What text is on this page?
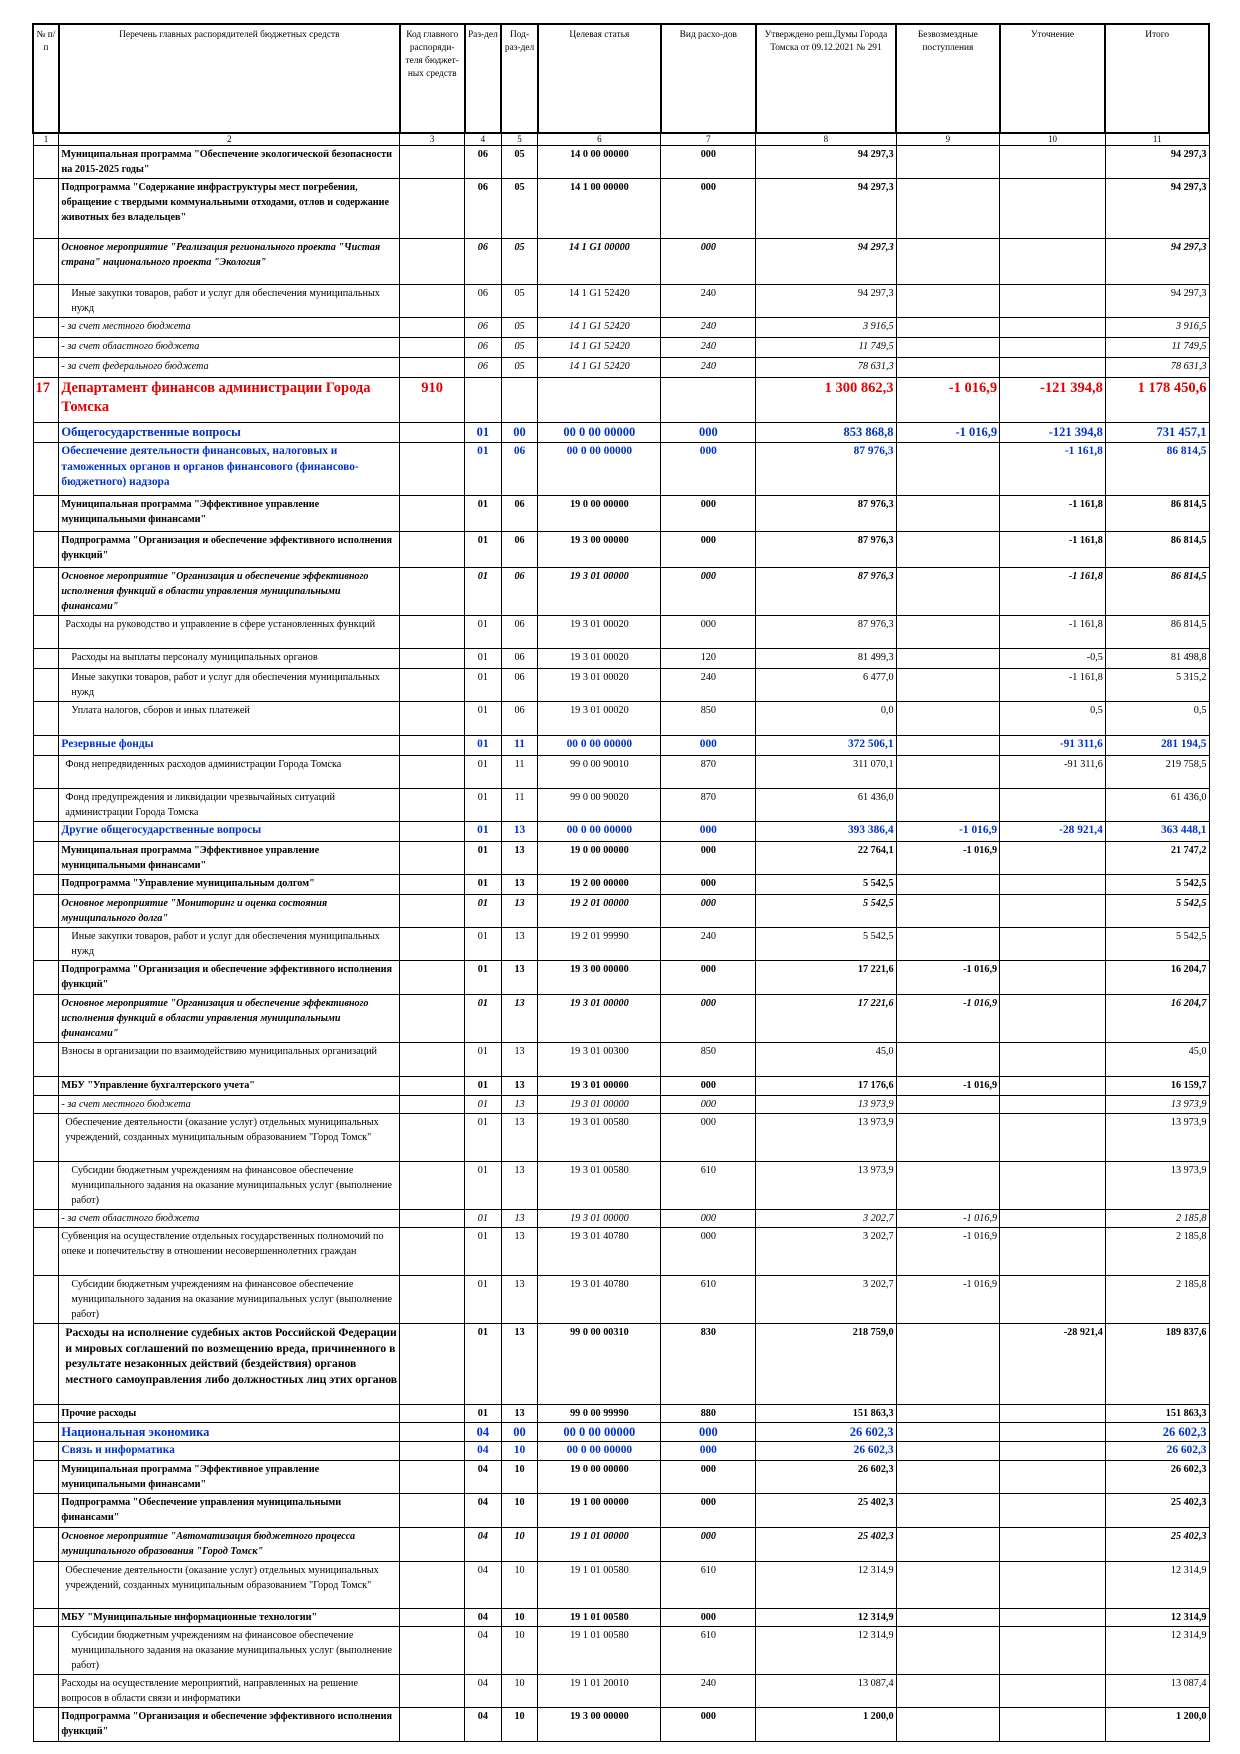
№ п/п	Перечень главных распорядителей бюджетных средств	Код главного распоряди-теля бюджет-ных средств	Раз-дел	Под-раз-дел	Целевая статья	Вид расхо-дов	Утверждено реш.Думы Города Томска от 09.12.2021 № 291	Безвозмездные поступления	Уточнение	Итого
1	2	3	4	5	6	7	8	9	10	11
	Муниципальная программа "Обеспечение экологической безопасности на 2015-2025 годы"		06	05	14 0 00 00000	000	94 297,3			94 297,3
	Подпрограмма "Содержание инфраструктуры мест погребения, обращение с твердыми коммунальными отходами, отлов и содержание животных без владельцев"		06	05	14 1 00 00000	000	94 297,3			94 297,3
	Основное мероприятие "Реализация регионального проекта "Чистая страна" национального проекта "Экология"		06	05	14 1 G1 00000	000	94 297,3			94 297,3
	Иные закупки товаров, работ и услуг для обеспечения муниципальных нужд		06	05	14 1 G1 52420	240	94 297,3			94 297,3
	- за счет местного бюджета		06	05	14 1 G1 52420	240	3 916,5			3 916,5
	- за счет областного бюджета		06	05	14 1 G1 52420	240	11 749,5			11 749,5
	- за счет федерального бюджета		06	05	14 1 G1 52420	240	78 631,3			78 631,3
17	Департамент финансов администрации Города Томска	910					1 300 862,3	-1 016,9	-121 394,8	1 178 450,6
	Общегосударственные вопросы		01	00	00 0 00 00000	000	853 868,8	-1 016,9	-121 394,8	731 457,1
	Обеспечение деятельности финансовых, налоговых и таможенных органов и органов финансового (финансово-бюджетного) надзора		01	06	00 0 00 00000	000	87 976,3		-1 161,8	86 814,5
	Муниципальная программа "Эффективное управление муниципальными финансами"		01	06	19 0 00 00000	000	87 976,3		-1 161,8	86 814,5
	Подпрограмма "Организация и обеспечение эффективного исполнения функций"		01	06	19 3 00 00000	000	87 976,3		-1 161,8	86 814,5
	Основное мероприятие "Организация и обеспечение эффективного исполнения функций в области управления муниципальными финансами"		01	06	19 3 01 00000	000	87 976,3		-1 161,8	86 814,5
	Расходы на руководство и управление в сфере установленных функций		01	06	19 3 01 00020	000	87 976,3		-1 161,8	86 814,5
	Расходы на выплаты персоналу муниципальных органов		01	06	19 3 01 00020	120	81 499,3		-0,5	81 498,8
	Иные закупки товаров, работ и услуг для обеспечения муниципальных нужд		01	06	19 3 01 00020	240	6 477,0		-1 161,8	5 315,2
	Уплата налогов, сборов и иных платежей		01	06	19 3 01 00020	850	0,0		0,5	0,5
	Резервные фонды		01	11	00 0 00 00000	000	372 506,1		-91 311,6	281 194,5
	Фонд непредвиденных расходов администрации Города Томска		01	11	99 0 00 90010	870	311 070,1		-91 311,6	219 758,5
	Фонд предупреждения и ликвидации чрезвычайных ситуаций администрации Города Томска		01	11	99 0 00 90020	870	61 436,0			61 436,0
	Другие общегосударственные вопросы		01	13	00 0 00 00000	000	393 386,4	-1 016,9	-28 921,4	363 448,1
	Муниципальная программа "Эффективное управление муниципальными финансами"		01	13	19 0 00 00000	000	22 764,1	-1 016,9		21 747,2
	Подпрограмма "Управление муниципальным долгом"		01	13	19 2 00 00000	000	5 542,5			5 542,5
	Основное мероприятие "Мониторинг и оценка состояния муниципального долга"		01	13	19 2 01 00000	000	5 542,5			5 542,5
	Иные закупки товаров, работ и услуг для обеспечения муниципальных нужд		01	13	19 2 01 99990	240	5 542,5			5 542,5
	Подпрограмма "Организация и обеспечение эффективного исполнения функций"		01	13	19 3 00 00000	000	17 221,6	-1 016,9		16 204,7
	Основное мероприятие "Организация и обеспечение эффективного исполнения функций в области управления муниципальными финансами"		01	13	19 3 01 00000	000	17 221,6	-1 016,9		16 204,7
	Взносы в организации по взаимодействию муниципальных организаций		01	13	19 3 01 00300	850	45,0			45,0
	МБУ "Управление бухгалтерского учета"		01	13	19 3 01 00000	000	17 176,6	-1 016,9		16 159,7
	- за счет местного бюджета		01	13	19 3 01 00000	000	13 973,9			13 973,9
	Обеспечение деятельности (оказание услуг) отдельных муниципальных учреждений, созданных муниципальным образованием "Город Томск"		01	13	19 3 01 00580	000	13 973,9			13 973,9
	Субсидии бюджетным учреждениям на финансовое обеспечение муниципального задания на оказание муниципальных услуг (выполнение работ)		01	13	19 3 01 00580	610	13 973,9			13 973,9
	- за счет областного бюджета		01	13	19 3 01 00000	000	3 202,7	-1 016,9		2 185,8
	Субвенция на осуществление отдельных государственных полномочий по опеке и попечительству в отношении несовершеннолетних граждан		01	13	19 3 01 40780	000	3 202,7	-1 016,9		2 185,8
	Субсидии бюджетным учреждениям на финансовое обеспечение муниципального задания на оказание муниципальных услуг (выполнение работ)		01	13	19 3 01 40780	610	3 202,7	-1 016,9		2 185,8
	Расходы на исполнение судебных актов Российской Федерации и мировых соглашений по возмещению вреда, причиненного в результате незаконных действий (бездействия) органов местного самоуправления либо должностных лиц этих органов		01	13	99 0 00 00310	830	218 759,0		-28 921,4	189 837,6
	Прочие расходы		01	13	99 0 00 99990	880	151 863,3			151 863,3
	Национальная экономика		04	00	00 0 00 00000	000	26 602,3			26 602,3
	Связь и информатика		04	10	00 0 00 00000	000	26 602,3			26 602,3
	Муниципальная программа "Эффективное управление муниципальными финансами"		04	10	19 0 00 00000	000	26 602,3			26 602,3
	Подпрограмма "Обеспечение управления муниципальными финансами"		04	10	19 1 00 00000	000	25 402,3			25 402,3
	Основное мероприятие "Автоматизация бюджетного процесса муниципального образования "Город Томск"		04	10	19 1 01 00000	000	25 402,3			25 402,3
	Обеспечение деятельности (оказание услуг) отдельных муниципальных учреждений, созданных муниципальным образованием "Город Томск"		04	10	19 1 01 00580	610	12 314,9			12 314,9
	МБУ "Муниципальные информационные технологии"		04	10	19 1 01 00580	000	12 314,9			12 314,9
	Субсидии бюджетным учреждениям на финансовое обеспечение муниципального задания на оказание муниципальных услуг (выполнение работ)		04	10	19 1 01 00580	610	12 314,9			12 314,9
	Расходы на осуществление мероприятий, направленных на решение вопросов в области связи и информатики		04	10	19 1 01 20010	240	13 087,4			13 087,4
	Подпрограмма "Организация и обеспечение эффективного исполнения функций"		04	10	19 3 00 00000	000	1 200,0			1 200,0
